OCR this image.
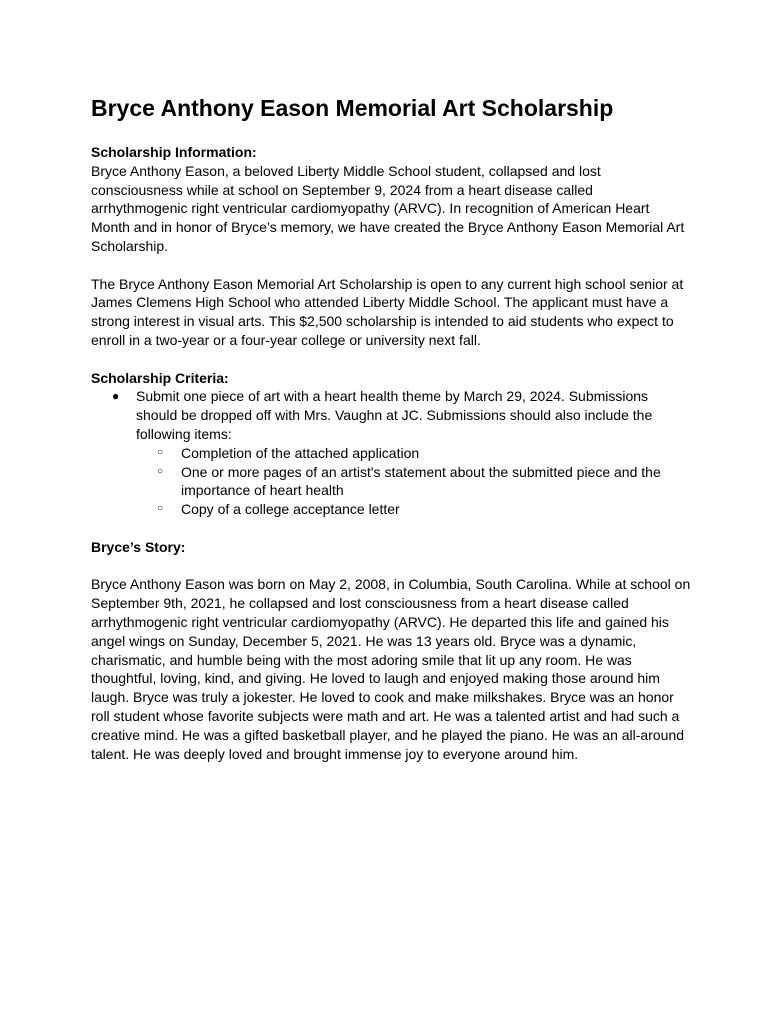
Bryce Anthony Eason Memorial Art Scholarship

Scholarship Information:

Bryce Anthony Eason, a beloved Liberty Middle School student, collapsed and lost consciousness while at school on September 9, 2024 from a heart disease called arrhythmogenic right ventricular cardiomyopathy (ARVC). In recognition of American Heart Month and in honor of Bryce’s memory, we have created the Bryce Anthony Eason Memorial Art Scholarship.

The Bryce Anthony Eason Memorial Art Scholarship is open to any current high school senior at James Clemens High School who attended Liberty Middle School. The applicant must have a strong interest in visual arts. This $2,500 scholarship is intended to aid students who expect to enroll in a two-year or a four-year college or university next fall.

Scholarship Criteria:

● Submit one piece of art with a heart health theme by March 29, 2024. Submissions should be dropped off with Mrs. Vaughn at JC. Submissions should also include the following items:
○ Completion of the attached application
○ One or more pages of an artist's statement about the submitted piece and the importance of heart health
○ Copy of a college acceptance letter

Bryce’s Story:

Bryce Anthony Eason was born on May 2, 2008, in Columbia, South Carolina. While at school on September 9th, 2021, he collapsed and lost consciousness from a heart disease called arrhythmogenic right ventricular cardiomyopathy (ARVC). He departed this life and gained his angel wings on Sunday, December 5, 2021. He was 13 years old. Bryce was a dynamic, charismatic, and humble being with the most adoring smile that lit up any room. He was thoughtful, loving, kind, and giving. He loved to laugh and enjoyed making those around him laugh. Bryce was truly a jokester. He loved to cook and make milkshakes. Bryce was an honor roll student whose favorite subjects were math and art. He was a talented artist and had such a creative mind. He was a gifted basketball player, and he played the piano. He was an all-around talent. He was deeply loved and brought immense joy to everyone around him.
